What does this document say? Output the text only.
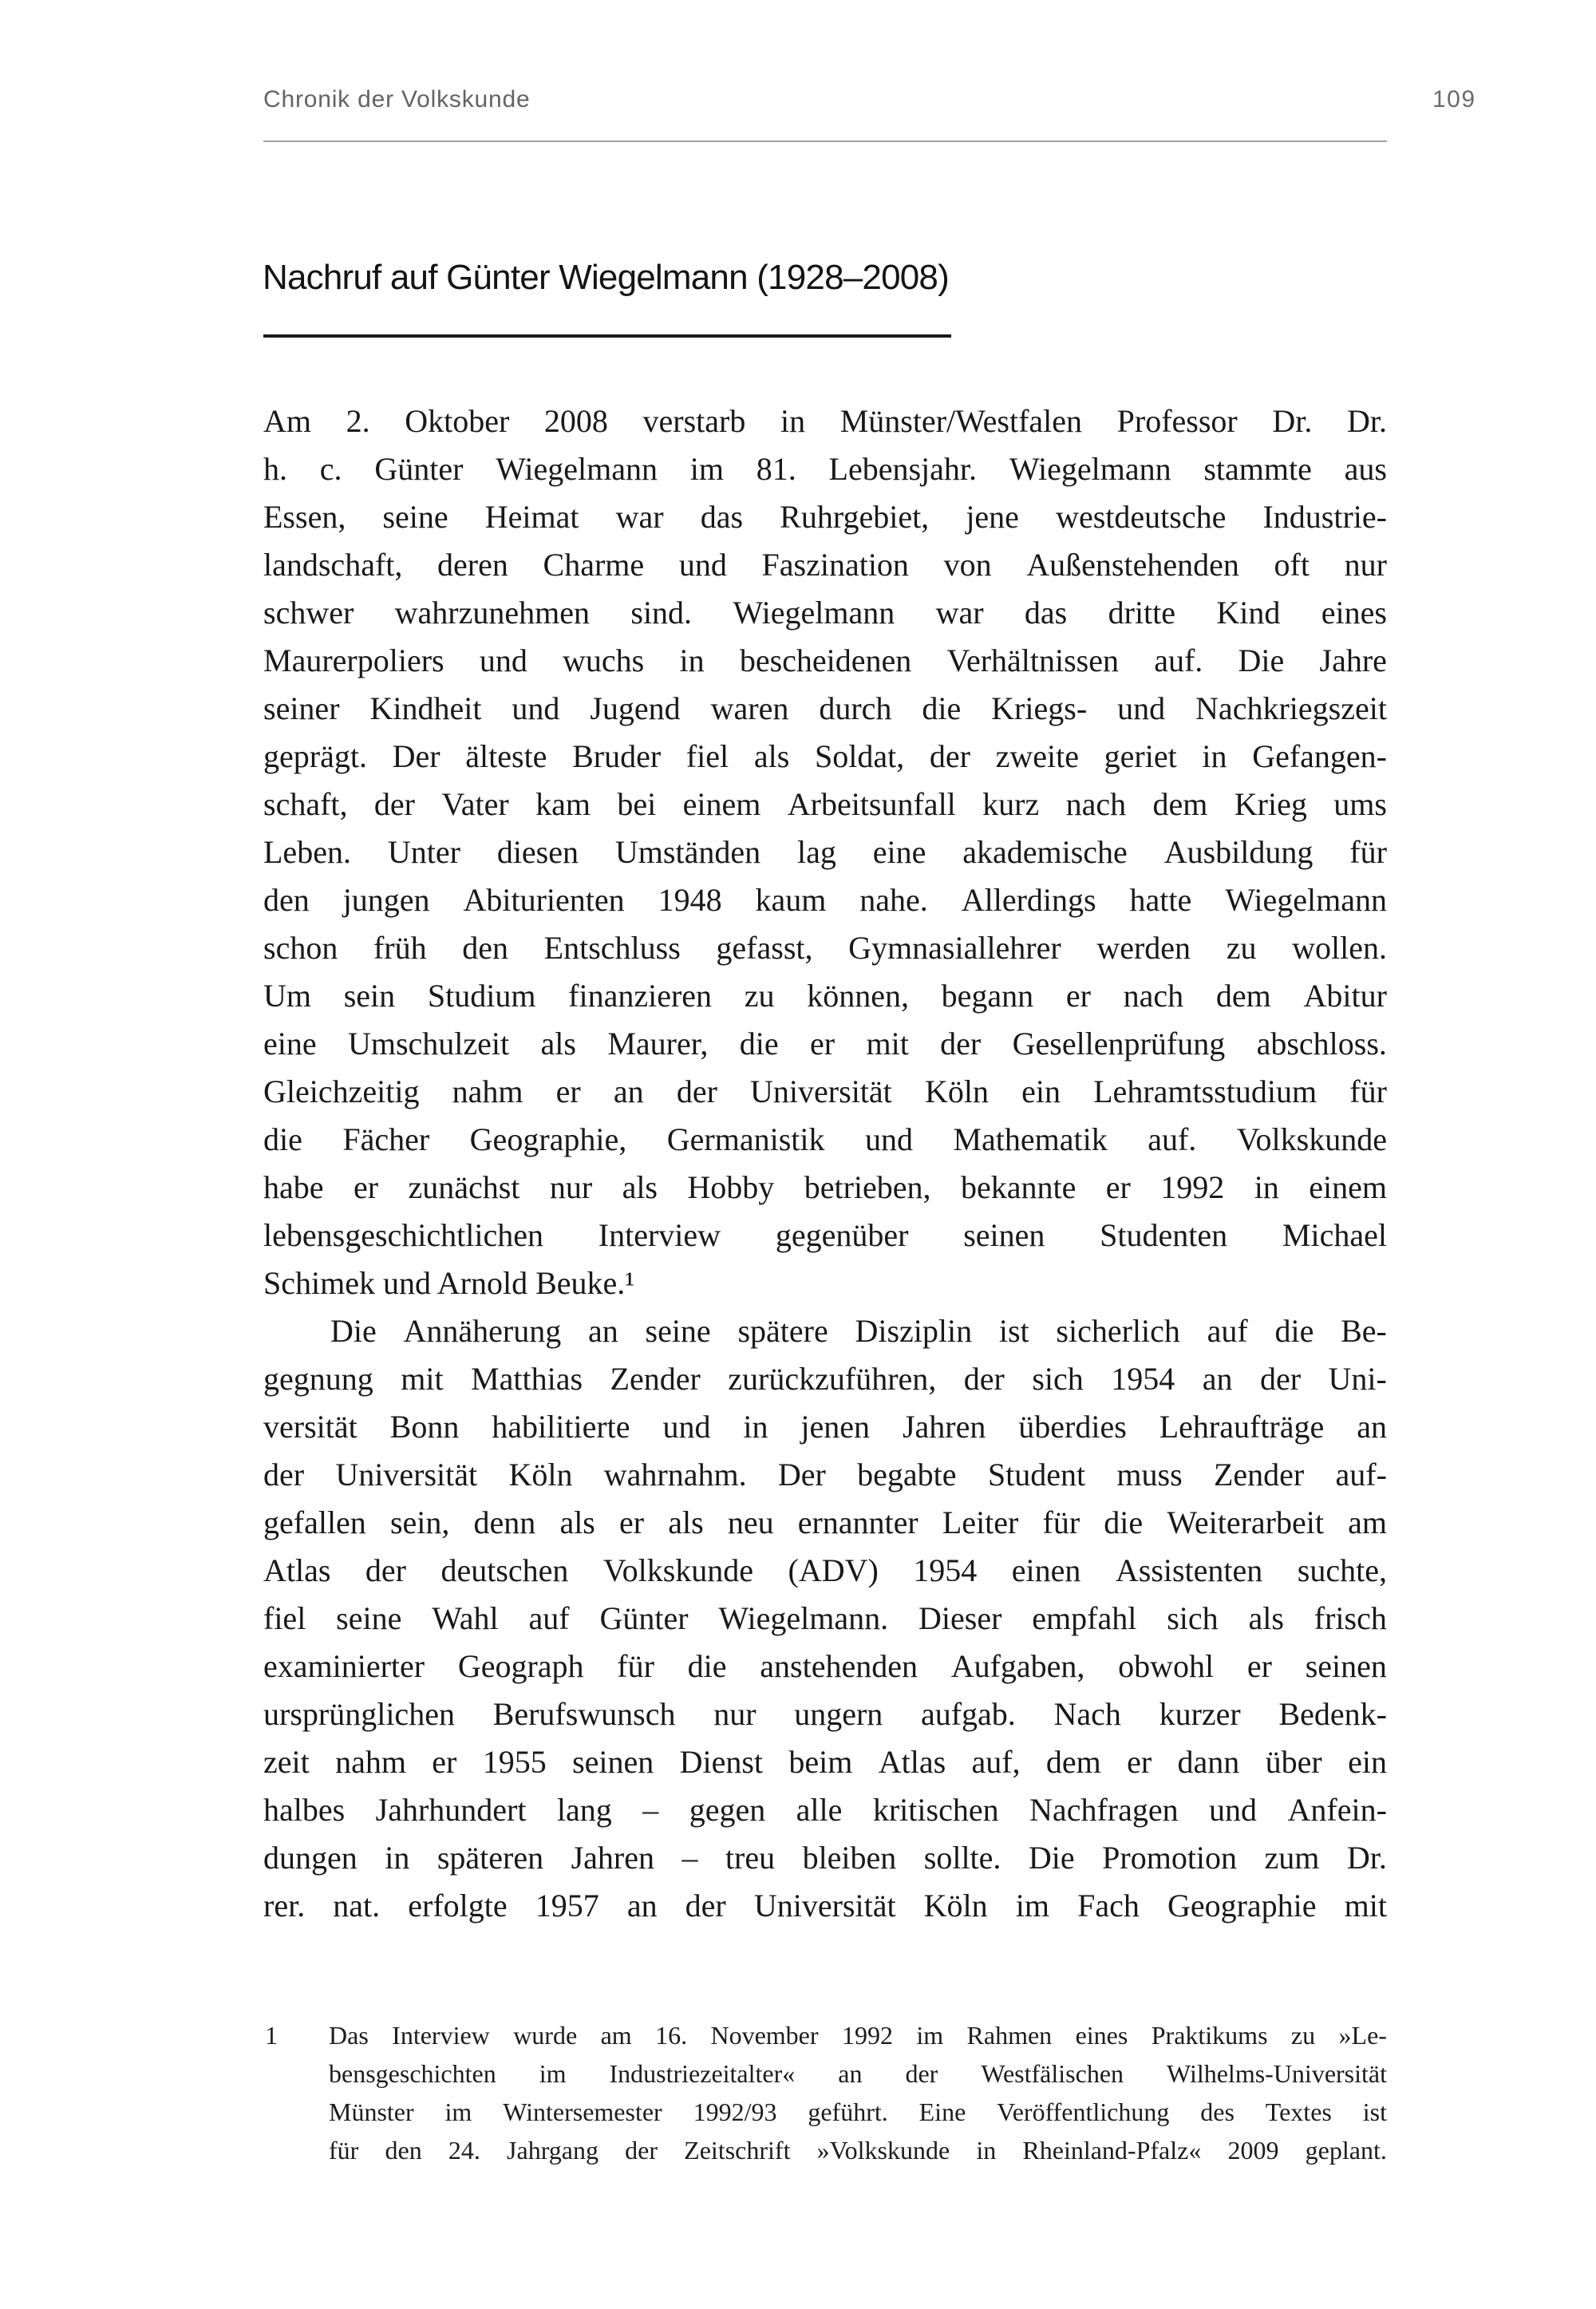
Chronik der Volkskunde	109
Nachruf auf Günter Wiegelmann (1928–2008)
Am 2. Oktober 2008 verstarb in Münster/Westfalen Professor Dr. Dr.
h. c. Günter Wiegelmann im 81. Lebensjahr. Wiegelmann stammte aus
Essen, seine Heimat war das Ruhrgebiet, jene westdeutsche Industrie-
landschaft, deren Charme und Faszination von Außenstehenden oft nur
schwer wahrzunehmen sind. Wiegelmann war das dritte Kind eines
Maurerpoliers und wuchs in bescheidenen Verhältnissen auf. Die Jahre
seiner Kindheit und Jugend waren durch die Kriegs- und Nachkriegszeit
geprägt. Der älteste Bruder fiel als Soldat, der zweite geriet in Gefangen-
schaft, der Vater kam bei einem Arbeitsunfall kurz nach dem Krieg ums
Leben. Unter diesen Umständen lag eine akademische Ausbildung für
den jungen Abiturienten 1948 kaum nahe. Allerdings hatte Wiegelmann
schon früh den Entschluss gefasst, Gymnasiallehrer werden zu wollen.
Um sein Studium finanzieren zu können, begann er nach dem Abitur
eine Umschulzeit als Maurer, die er mit der Gesellenprüfung abschloss.
Gleichzeitig nahm er an der Universität Köln ein Lehramtsstudium für
die Fächer Geographie, Germanistik und Mathematik auf. Volkskunde
habe er zunächst nur als Hobby betrieben, bekannte er 1992 in einem
lebensgeschichtlichen Interview gegenüber seinen Studenten Michael
Schimek und Arnold Beuke.¹
Die Annäherung an seine spätere Disziplin ist sicherlich auf die Be-
gegnung mit Matthias Zender zurückzuführen, der sich 1954 an der Uni-
versität Bonn habilitierte und in jenen Jahren überdies Lehraufträge an
der Universität Köln wahrnahm. Der begabte Student muss Zender auf-
gefallen sein, denn als er als neu ernannter Leiter für die Weiterarbeit am
Atlas der deutschen Volkskunde (ADV) 1954 einen Assistenten suchte,
fiel seine Wahl auf Günter Wiegelmann. Dieser empfahl sich als frisch
examinierter Geograph für die anstehenden Aufgaben, obwohl er seinen
ursprünglichen Berufswunsch nur ungern aufgab. Nach kurzer Bedenk-
zeit nahm er 1955 seinen Dienst beim Atlas auf, dem er dann über ein
halbes Jahrhundert lang – gegen alle kritischen Nachfragen und Anfein-
dungen in späteren Jahren – treu bleiben sollte. Die Promotion zum Dr.
rer. nat. erfolgte 1957 an der Universität Köln im Fach Geographie mit
1 Das Interview wurde am 16. November 1992 im Rahmen eines Praktikums zu »Le-
bensgeschichten im Industriezeitalter« an der Westfälischen Wilhelms-Universität
Münster im Wintersemester 1992/93 geführt. Eine Veröffentlichung des Textes ist
für den 24. Jahrgang der Zeitschrift »Volkskunde in Rheinland-Pfalz« 2009 geplant.
